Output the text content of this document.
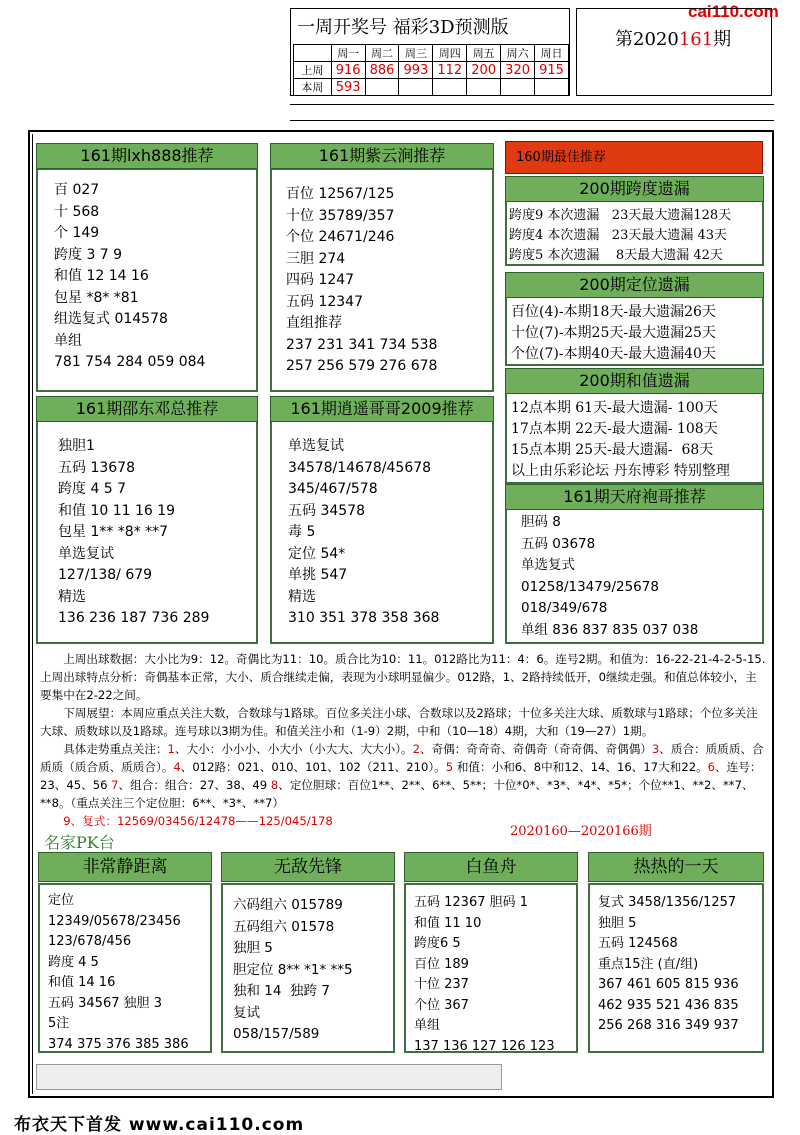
cai110.com
一周开奖号 福彩3D预测版
	周一	周二	周三	周四	周五	周六	周日
上周	916	886	993	112	200	320	915
本周	593						
第2020161期
百 027
十 568
个 149
跨度 3 7 9
和值 12 14 16
包星 *8* *81
组选复式 014578
单组
781 754 284 059 084
161期lxh888推荐
百位 12567/125
十位 35789/357
个位 24671/246
三胆 274
四码 1247
五码 12347
直组推荐
237 231 341 734 538
257 256 579 276 678
161期紫云涧推荐
独胆1
五码 13678
跨度 4 5 7
和值 10 11 16 19
包星 1** *8* **7
单选复试
127/138/ 679
精选
136 236 187 736 289
161期邵东邓总推荐
单选复试
34578/14678/45678
345/467/578
五码 34578
毒 5
定位 54*
单挑 547
精选
310 351 378 358 368
161期逍遥哥哥2009推荐
160期最佳推荐
跨度9 本次遗漏   23天最大遗漏128天
跨度4 本次遗漏   23天最大遗漏 43天
跨度5 本次遗漏    8天最大遗漏 42天
200期跨度遗漏
百位(4)-本期18天-最大遗漏26天
十位(7)-本期25天-最大遗漏25天
个位(7)-本期40天-最大遗漏40天
200期定位遗漏
12点本期 61天-最大遗漏- 100天
17点本期 22天-最大遗漏- 108天
15点本期 25天-最大遗漏-  68天
以上由乐彩论坛 丹东博彩 特别整理
200期和值遗漏
胆码 8
五码 03678
单选复式
01258/13479/25678
018/349/678
单组 836 837 835 037 038
161期天府袍哥推荐

上周出球数据：大小比为9：12。奇偶比为11：10。质合比为10：11。012路比为11：4：6。连号2期。和值为：16-22-21-4-2-5-15.上周出球特点分析：奇偶基本正常，大小、质合继续走偏，表现为小球明显偏少。012路，1、2路持续低开，0继续走强。和值总体较小，主要集中在2-22之间。

下周展望：本周应重点关注大数，合数球与1路球。百位多关注小球、合数球以及2路球；十位多关注大球、质数球与1路球；个位多关注大球、质数球以及1路球。连号球以3期为佳。和值关注小和（1-9）2期，中和（10—18）4期，大和（19—27）1期。

具体走势重点关注：1、大小：小小小、小大小（小大大、大大小）。2、奇偶：奇奇奇、奇偶奇（奇奇偶、奇偶偶）3、质合：质质质、合质质（质合质、质质合）。4、012路：021、010、101、102（211、210）。5 和值：小和6、8中和12、14、16、17大和22。6、连号：23、45、56 7、组合：组合：27、38、49 8、定位胆球：百位1**、2**、6**、5**；十位*0*、*3*、*4*、*5*；个位**1、**2、**7、**8。（重点关注三个定位胆：6**、*3*、**7）

9、复式：12569/03456/12478——125/045/178

2020160—2020166期
名家PK台
定位
12349/05678/23456
123/678/456
跨度 4 5
和值 14 16
五码 34567 独胆 3
5注
374 375 376 385 386
非常静距离
六码组六 015789
五码组六 01578
独胆 5
胆定位 8** *1* **5
独和 14  独跨 7
复试
058/157/589
无敌先锋
五码 12367 胆码 1
和值 11 10
跨度6 5
百位 189
十位 237
个位 367
单组
137 136 127 126 123
白鱼舟
复式 3458/1356/1257
独胆 5
五码 124568
重点15注 (直/组)
367 461 605 815 936
462 935 521 436 835
256 268 316 349 937
热热的一天
布衣天下首发 www.cai110.com
